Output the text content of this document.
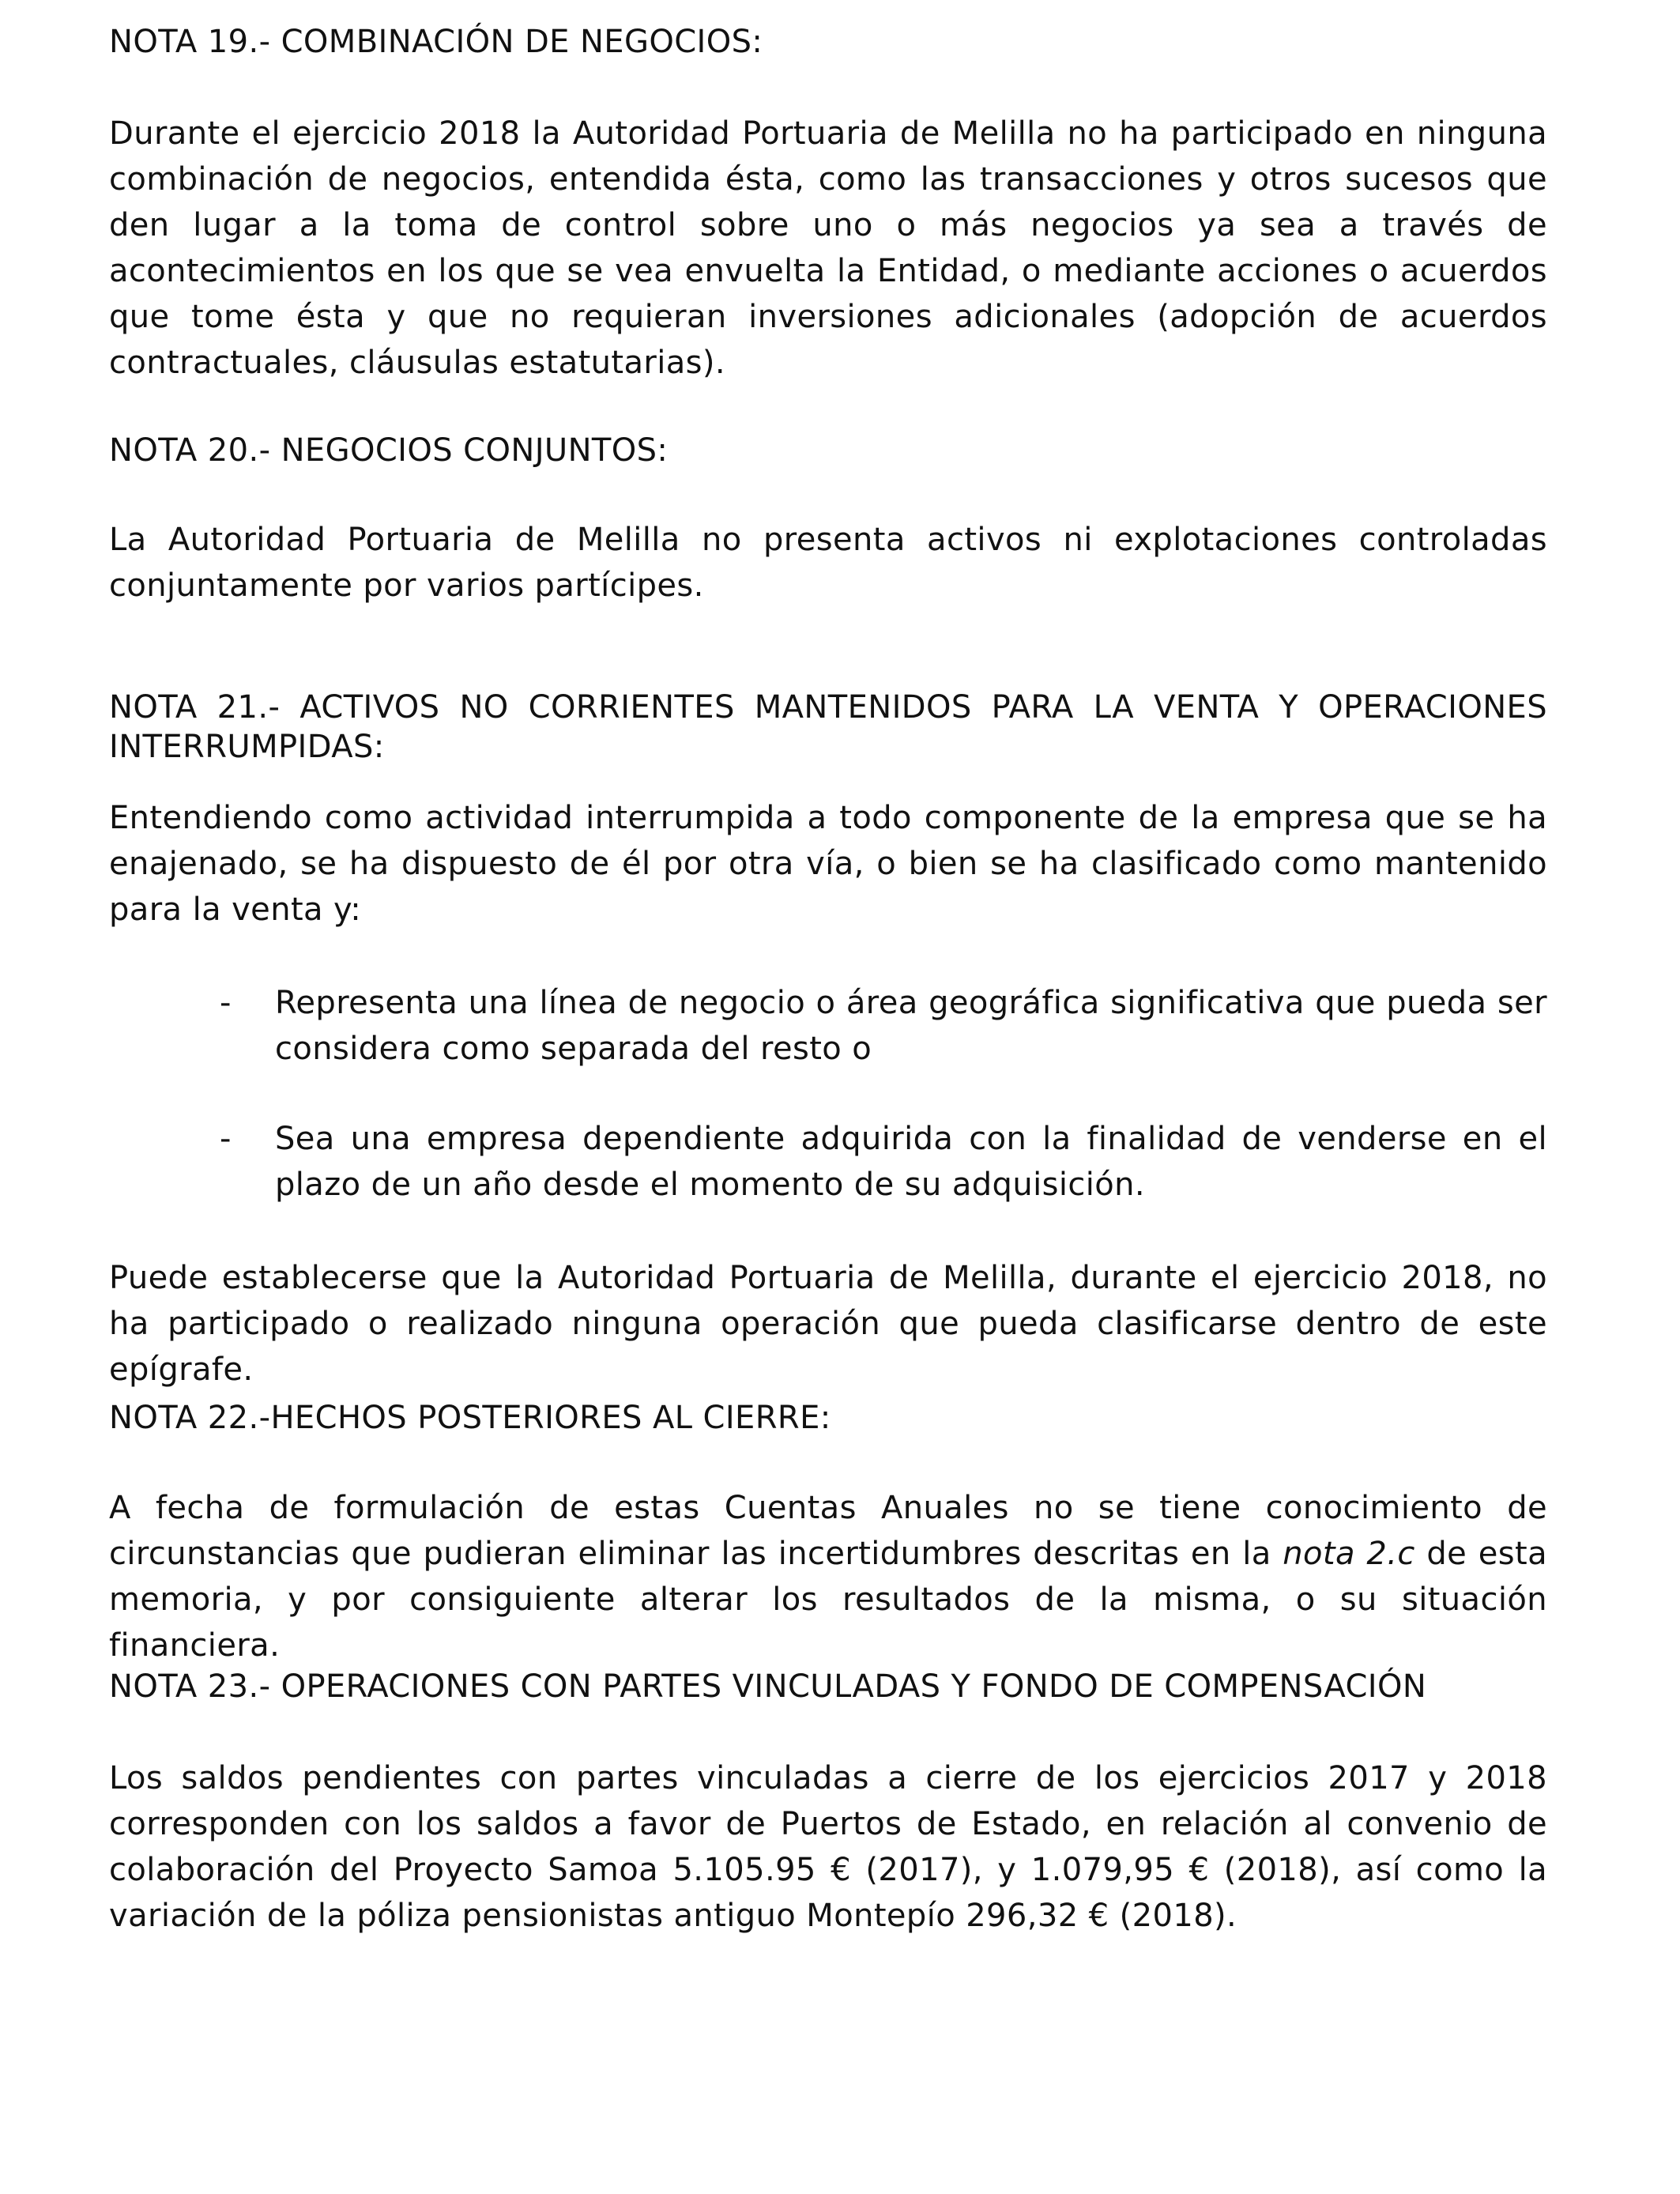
NOTA 19.- COMBINACIÓN DE NEGOCIOS:
Durante el ejercicio 2018 la Autoridad Portuaria de Melilla no ha participado en ninguna combinación de negocios, entendida ésta, como las transacciones y otros sucesos que den lugar a la toma de control sobre uno o más negocios ya sea a través de acontecimientos en los que se vea envuelta la Entidad, o mediante acciones o acuerdos que tome ésta y que no requieran inversiones adicionales (adopción de acuerdos contractuales, cláusulas estatutarias).
NOTA 20.- NEGOCIOS CONJUNTOS:
La Autoridad Portuaria de Melilla no presenta activos ni explotaciones controladas conjuntamente por varios partícipes.
NOTA 21.- ACTIVOS NO CORRIENTES MANTENIDOS PARA LA VENTA Y OPERACIONES INTERRUMPIDAS:
Entendiendo como actividad interrumpida a todo componente de la empresa que se ha enajenado, se ha dispuesto de él por otra vía, o bien se ha clasificado como mantenido para la venta y:
- Representa una línea de negocio o área geográfica significativa que pueda ser considera como separada del resto o
- Sea una empresa dependiente adquirida con la finalidad de venderse en el plazo de un año desde el momento de su adquisición.
Puede establecerse que la Autoridad Portuaria de Melilla, durante el ejercicio 2018, no ha participado o realizado ninguna operación que pueda clasificarse dentro de este epígrafe.
NOTA 22.-HECHOS POSTERIORES AL CIERRE:
A fecha de formulación de estas Cuentas Anuales no se tiene conocimiento de circunstancias que pudieran eliminar las incertidumbres descritas en la nota 2.c de esta memoria, y por consiguiente alterar los resultados de la misma, o su situación financiera.
NOTA 23.- OPERACIONES CON PARTES VINCULADAS Y FONDO DE COMPENSACIÓN
Los saldos pendientes con partes vinculadas a cierre de los ejercicios 2017 y 2018 corresponden con los saldos a favor de Puertos de Estado, en relación al convenio de colaboración del Proyecto Samoa 5.105.95 € (2017), y 1.079,95 € (2018), así como la variación de la póliza pensionistas antiguo Montepío 296,32 € (2018).
